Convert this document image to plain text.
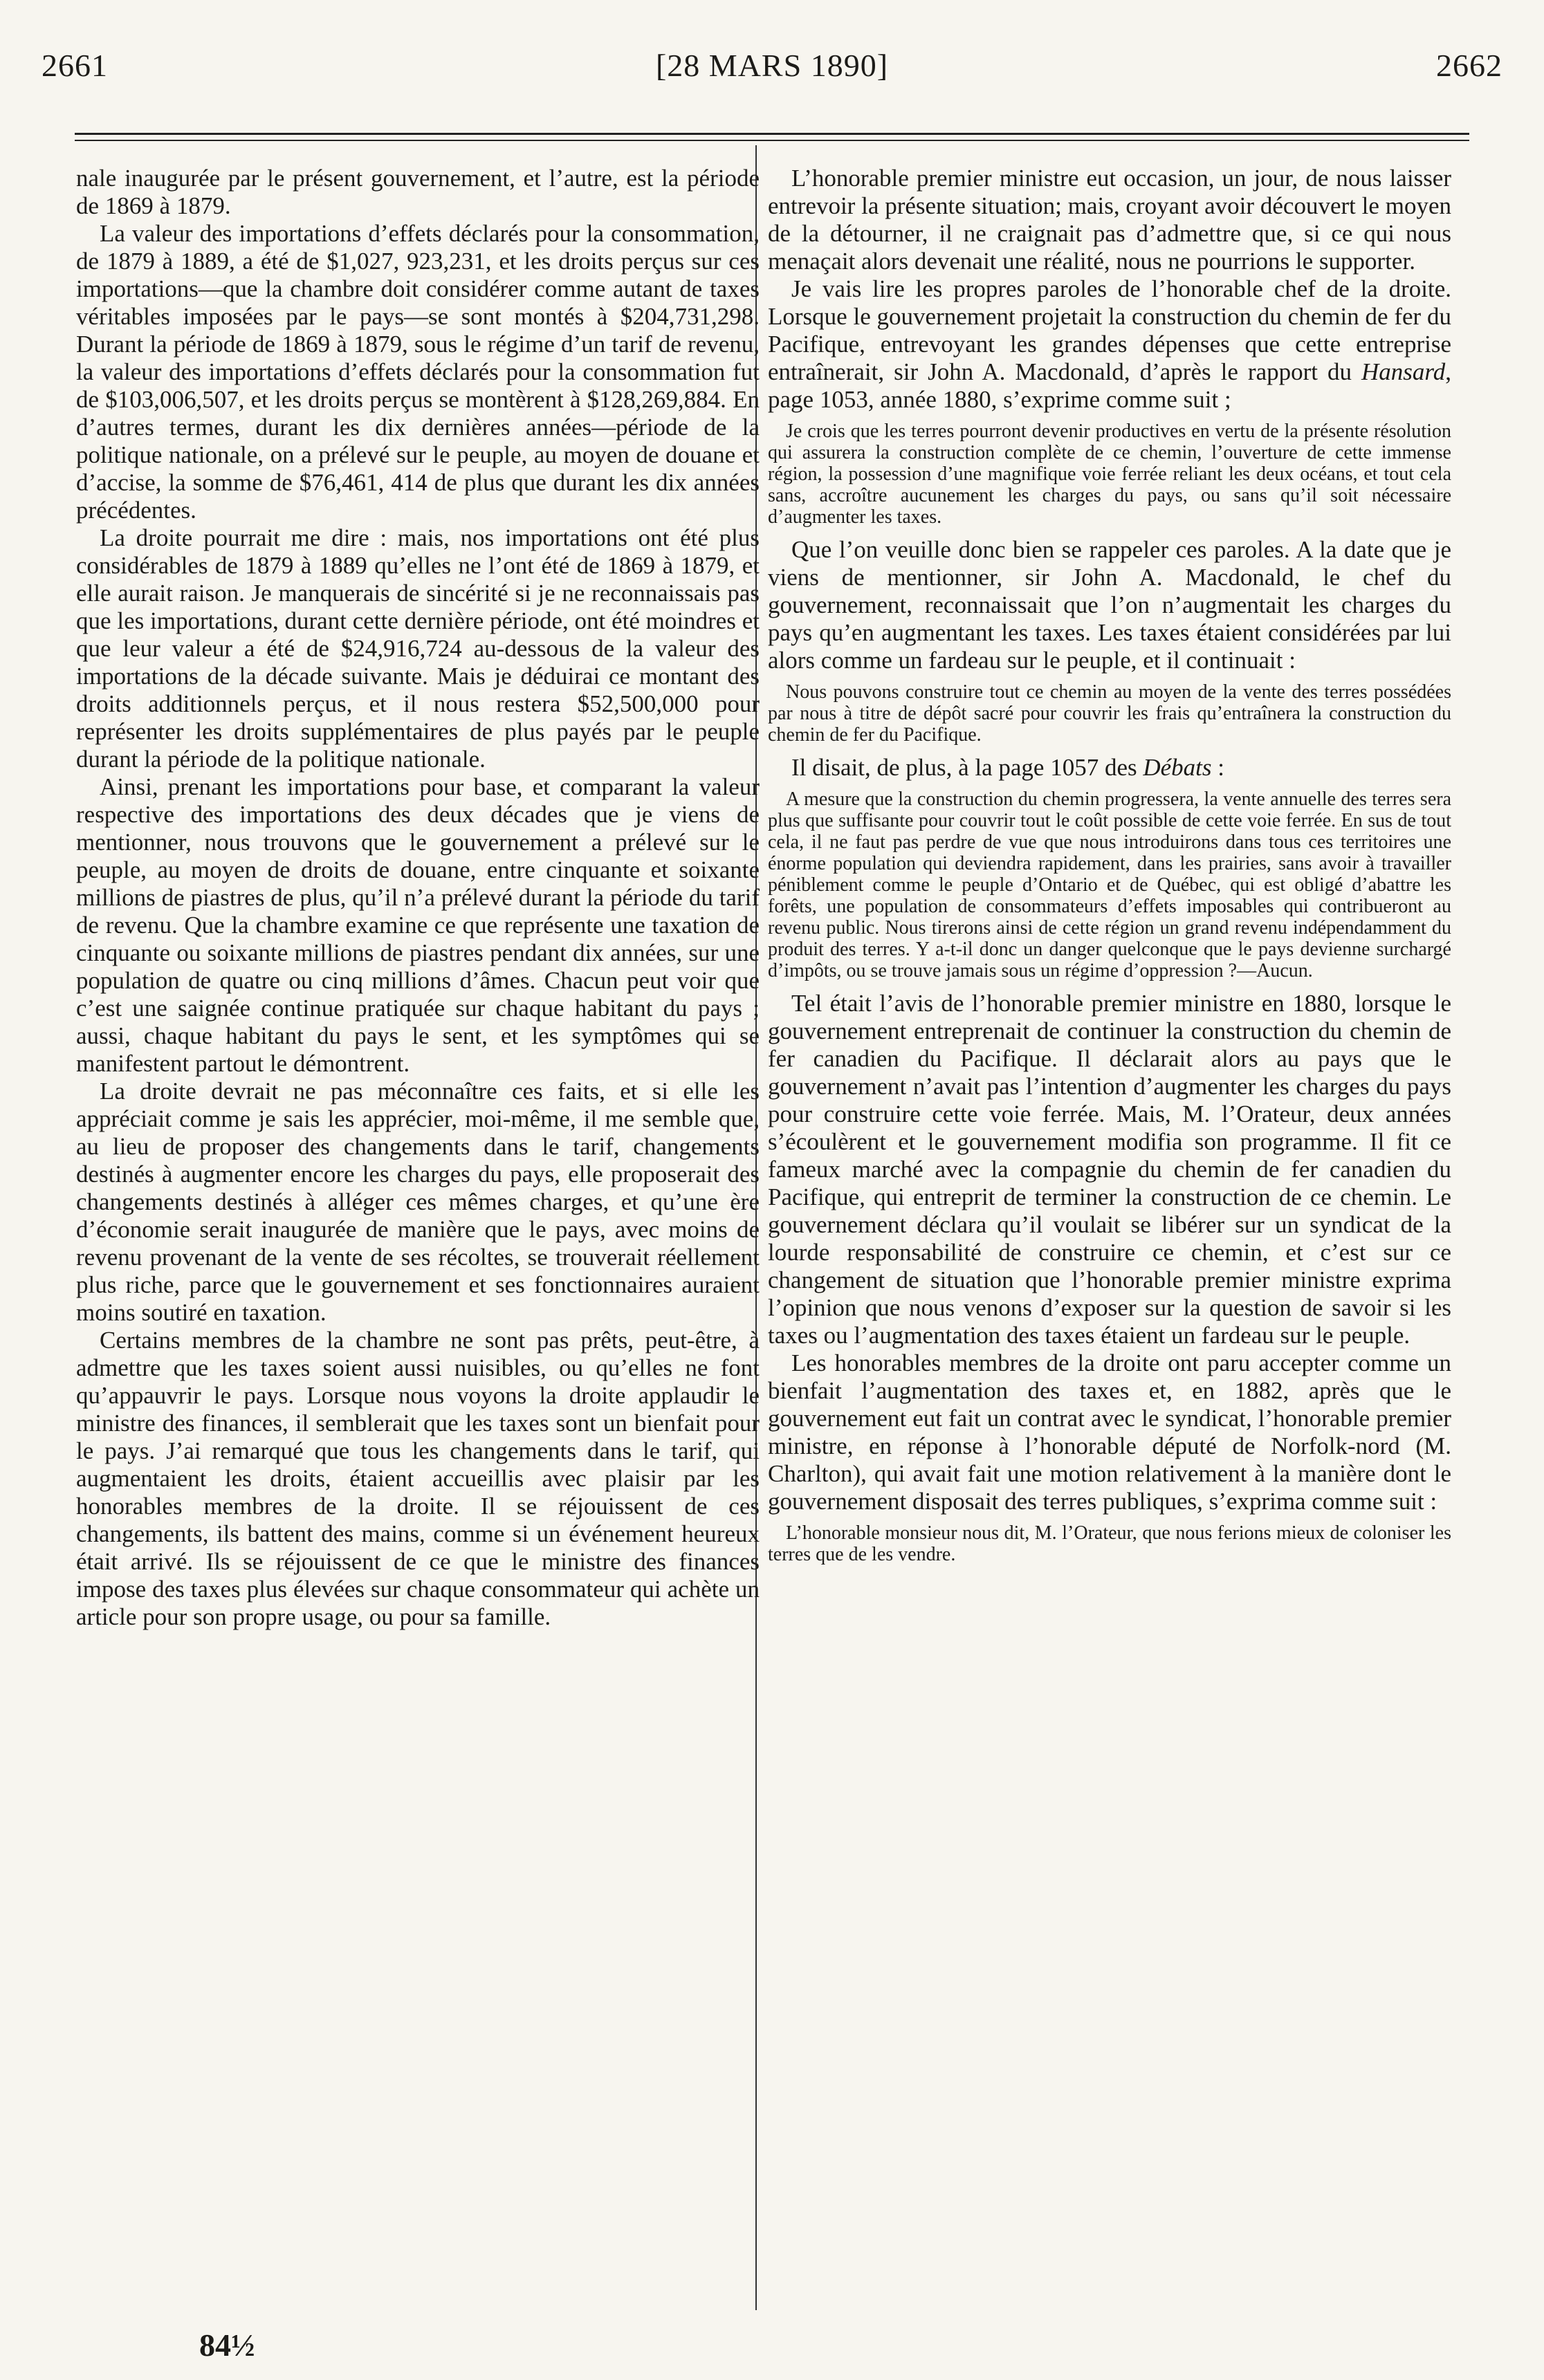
2661	[28 MARS 1890]	2662

nale inaugurée par le présent gouvernement, et l’autre, est la période de 1869 à 1879.

La valeur des importations d’effets déclarés pour la consommation, de 1879 à 1889, a été de $1,027, 923,231, et les droits perçus sur ces importations—que la chambre doit considérer comme autant de taxes véritables imposées par le pays—se sont montés à $204,731,298. Durant la période de 1869 à 1879, sous le régime d’un tarif de revenu, la valeur des importations d’effets déclarés pour la consommation fut de $103,006,507, et les droits perçus se montèrent à $128,269,884. En d’autres termes, durant les dix dernières années—période de la politique nationale, on a prélevé sur le peuple, au moyen de douane et d’accise, la somme de $76,461, 414 de plus que durant les dix années précédentes.

La droite pourrait me dire : mais, nos importations ont été plus considérables de 1879 à 1889 qu’elles ne l’ont été de 1869 à 1879, et elle aurait raison. Je manquerais de sincérité si je ne reconnaissais pas que les importations, durant cette dernière période, ont été moindres et que leur valeur a été de $24,916,724 au-dessous de la valeur des importations de la décade suivante. Mais je déduirai ce montant des droits additionnels perçus, et il nous restera $52,500,000 pour représenter les droits supplémentaires de plus payés par le peuple durant la période de la politique nationale.

Ainsi, prenant les importations pour base, et comparant la valeur respective des importations des deux décades que je viens de mentionner, nous trouvons que le gouvernement a prélevé sur le peuple, au moyen de droits de douane, entre cinquante et soixante millions de piastres de plus, qu’il n’a prélevé durant la période du tarif de revenu. Que la chambre examine ce que représente une taxation de cinquante ou soixante millions de piastres pendant dix années, sur une population de quatre ou cinq millions d’âmes. Chacun peut voir que c’est une saignée continue pratiquée sur chaque habitant du pays ; aussi, chaque habitant du pays le sent, et les symptômes qui se manifestent partout le démontrent.

La droite devrait ne pas méconnaître ces faits, et si elle les appréciait comme je sais les apprécier, moi-même, il me semble que, au lieu de proposer des changements dans le tarif, changements destinés à augmenter encore les charges du pays, elle proposerait des changements destinés à alléger ces mêmes charges, et qu’une ère d’économie serait inaugurée de manière que le pays, avec moins de revenu provenant de la vente de ses récoltes, se trouverait réellement plus riche, parce que le gouvernement et ses fonctionnaires auraient moins soutiré en taxation.

Certains membres de la chambre ne sont pas prêts, peut-être, à admettre que les taxes soient aussi nuisibles, ou qu’elles ne font qu’appauvrir le pays. Lorsque nous voyons la droite applaudir le ministre des finances, il semblerait que les taxes sont un bienfait pour le pays. J’ai remarqué que tous les changements dans le tarif, qui augmentaient les droits, étaient accueillis avec plaisir par les honorables membres de la droite. Il se réjouissent de ces changements, ils battent des mains, comme si un événement heureux était arrivé. Ils se réjouissent de ce que le ministre des finances impose des taxes plus élevées sur chaque consommateur qui achète un article pour son propre usage, ou pour sa famille.

L’honorable premier ministre eut occasion, un jour, de nous laisser entrevoir la présente situation; mais, croyant avoir découvert le moyen de la détourner, il ne craignait pas d’admettre que, si ce qui nous menaçait alors devenait une réalité, nous ne pourrions le supporter.

Je vais lire les propres paroles de l’honorable chef de la droite. Lorsque le gouvernement projetait la construction du chemin de fer du Pacifique, entrevoyant les grandes dépenses que cette entreprise entraînerait, sir John A. Macdonald, d’après le rapport du Hansard, page 1053, année 1880, s’exprime comme suit ;

Je crois que les terres pourront devenir productives en vertu de la présente résolution qui assurera la construction complète de ce chemin, l’ouverture de cette immense région, la possession d’une magnifique voie ferrée reliant les deux océans, et tout cela sans, accroître aucunement les charges du pays, ou sans qu’il soit nécessaire d’augmenter les taxes.

Que l’on veuille donc bien se rappeler ces paroles. A la date que je viens de mentionner, sir John A. Macdonald, le chef du gouvernement, reconnaissait que l’on n’augmentait les charges du pays qu’en augmentant les taxes. Les taxes étaient considérées par lui alors comme un fardeau sur le peuple, et il continuait :

Nous pouvons construire tout ce chemin au moyen de la vente des terres possédées par nous à titre de dépôt sacré pour couvrir les frais qu’entraînera la construction du chemin de fer du Pacifique.

Il disait, de plus, à la page 1057 des Débats :

A mesure que la construction du chemin progressera, la vente annuelle des terres sera plus que suffisante pour couvrir tout le coût possible de cette voie ferrée. En sus de tout cela, il ne faut pas perdre de vue que nous introduirons dans tous ces territoires une énorme population qui deviendra rapidement, dans les prairies, sans avoir à travailler péniblement comme le peuple d’Ontario et de Québec, qui est obligé d’abattre les forêts, une population de consommateurs d’effets imposables qui contribueront au revenu public. Nous tirerons ainsi de cette région un grand revenu indépendamment du produit des terres. Y a-t-il donc un danger quelconque que le pays devienne surchargé d’impôts, ou se trouve jamais sous un régime d’oppression ?—Aucun.

Tel était l’avis de l’honorable premier ministre en 1880, lorsque le gouvernement entreprenait de continuer la construction du chemin de fer canadien du Pacifique. Il déclarait alors au pays que le gouvernement n’avait pas l’intention d’augmenter les charges du pays pour construire cette voie ferrée. Mais, M. l’Orateur, deux années s’écoulèrent et le gouvernement modifia son programme. Il fit ce fameux marché avec la compagnie du chemin de fer canadien du Pacifique, qui entreprit de terminer la construction de ce chemin. Le gouvernement déclara qu’il voulait se libérer sur un syndicat de la lourde responsabilité de construire ce chemin, et c’est sur ce changement de situation que l’honorable premier ministre exprima l’opinion que nous venons d’exposer sur la question de savoir si les taxes ou l’augmentation des taxes étaient un fardeau sur le peuple.

Les honorables membres de la droite ont paru accepter comme un bienfait l’augmentation des taxes et, en 1882, après que le gouvernement eut fait un contrat avec le syndicat, l’honorable premier ministre, en réponse à l’honorable député de Norfolk-nord (M. Charlton), qui avait fait une motion relativement à la manière dont le gouvernement disposait des terres publiques, s’exprima comme suit :

L’honorable monsieur nous dit, M. l’Orateur, que nous ferions mieux de coloniser les terres que de les vendre.

84½
